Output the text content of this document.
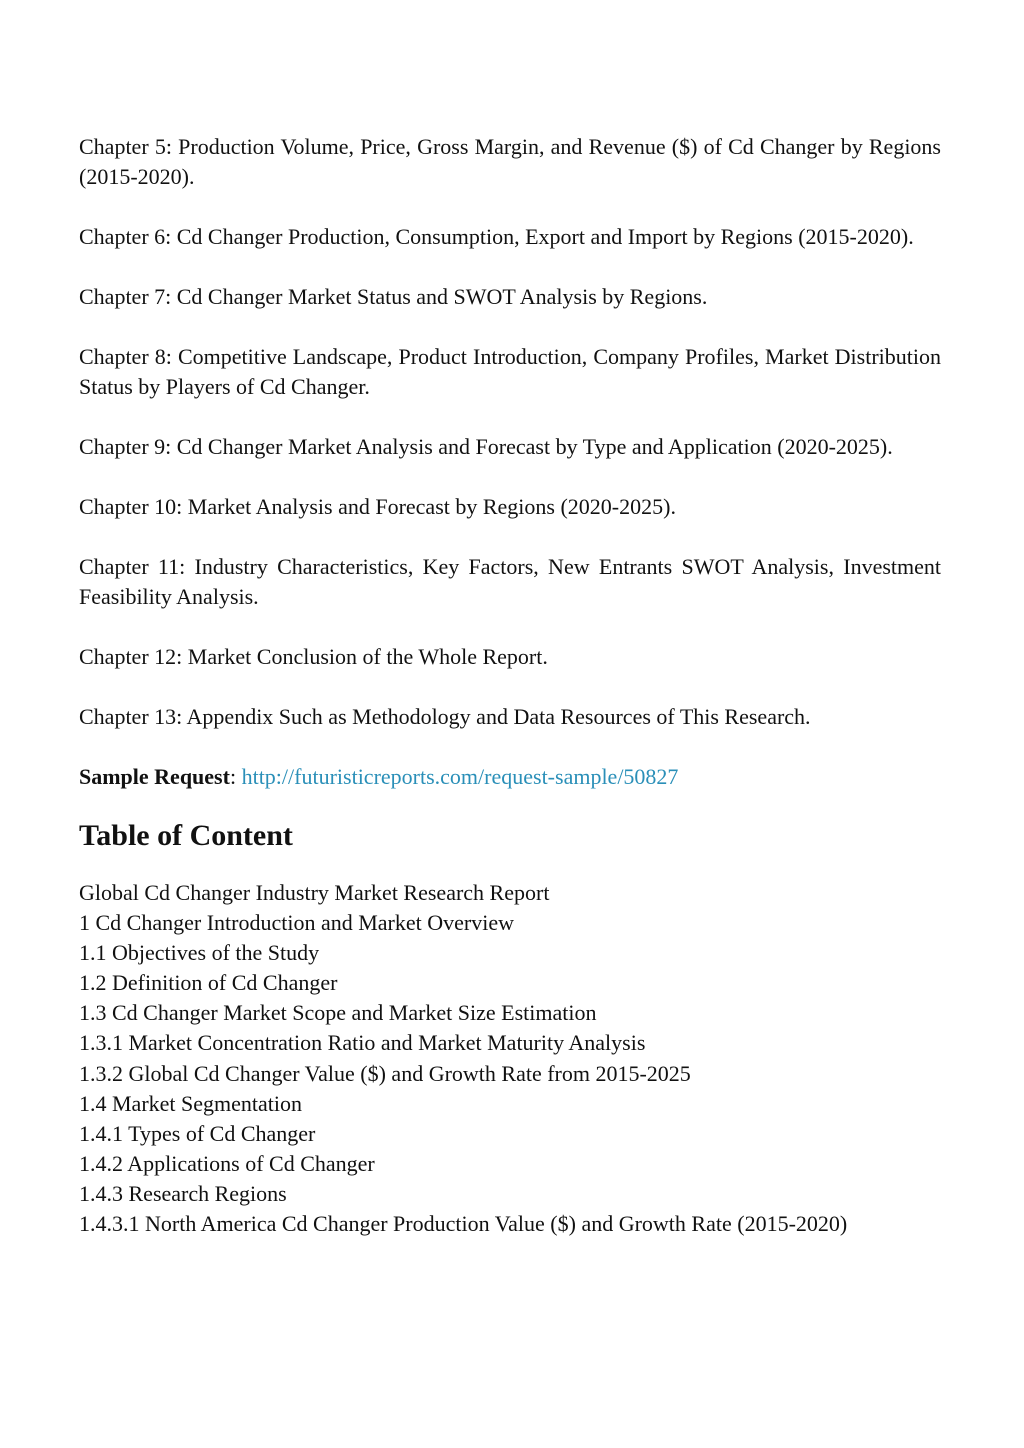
Chapter 5: Production Volume, Price, Gross Margin, and Revenue ($) of Cd Changer by Regions (2015-2020).

Chapter 6: Cd Changer Production, Consumption, Export and Import by Regions (2015-2020).

Chapter 7: Cd Changer Market Status and SWOT Analysis by Regions.

Chapter 8: Competitive Landscape, Product Introduction, Company Profiles, Market Distribution Status by Players of Cd Changer.

Chapter 9: Cd Changer Market Analysis and Forecast by Type and Application (2020-2025).

Chapter 10: Market Analysis and Forecast by Regions (2020-2025).

Chapter 11: Industry Characteristics, Key Factors, New Entrants SWOT Analysis, Investment Feasibility Analysis.

Chapter 12: Market Conclusion of the Whole Report.

Chapter 13: Appendix Such as Methodology and Data Resources of This Research.

Sample Request: http://futuristicreports.com/request-sample/50827

Table of Content
Global Cd Changer Industry Market Research Report
1 Cd Changer Introduction and Market Overview
1.1 Objectives of the Study
1.2 Definition of Cd Changer
1.3 Cd Changer Market Scope and Market Size Estimation
1.3.1 Market Concentration Ratio and Market Maturity Analysis
1.3.2 Global Cd Changer Value ($) and Growth Rate from 2015-2025
1.4 Market Segmentation
1.4.1 Types of Cd Changer
1.4.2 Applications of Cd Changer
1.4.3 Research Regions
1.4.3.1 North America Cd Changer Production Value ($) and Growth Rate (2015-2020)
